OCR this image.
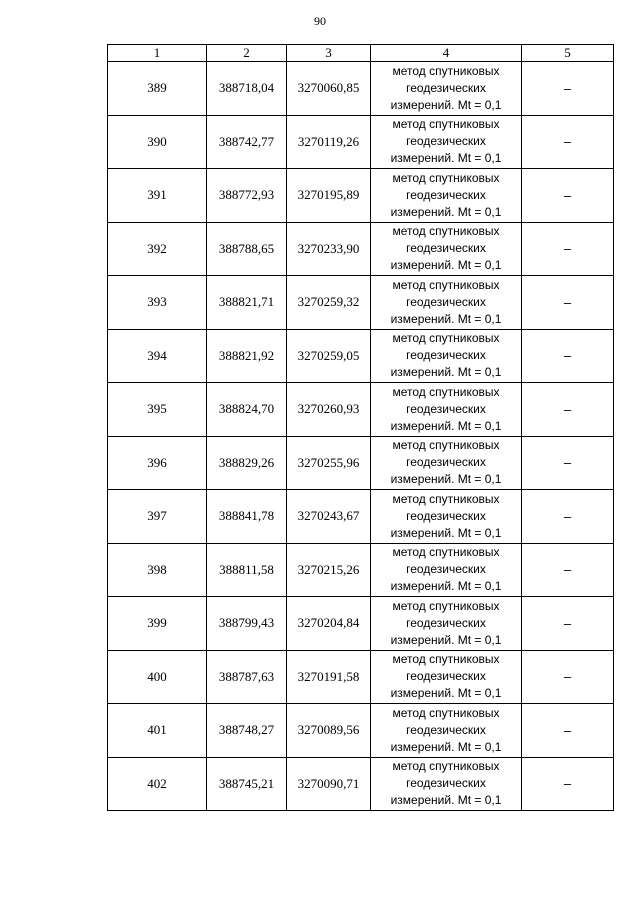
90
1	2	3	4	5
389	388718,04	3270060,85	метод спутниковых
геодезических
измерений. Mt = 0,1	–
390	388742,77	3270119,26	метод спутниковых
геодезических
измерений. Mt = 0,1	–
391	388772,93	3270195,89	метод спутниковых
геодезических
измерений. Mt = 0,1	–
392	388788,65	3270233,90	метод спутниковых
геодезических
измерений. Mt = 0,1	–
393	388821,71	3270259,32	метод спутниковых
геодезических
измерений. Mt = 0,1	–
394	388821,92	3270259,05	метод спутниковых
геодезических
измерений. Mt = 0,1	–
395	388824,70	3270260,93	метод спутниковых
геодезических
измерений. Mt = 0,1	–
396	388829,26	3270255,96	метод спутниковых
геодезических
измерений. Mt = 0,1	–
397	388841,78	3270243,67	метод спутниковых
геодезических
измерений. Mt = 0,1	–
398	388811,58	3270215,26	метод спутниковых
геодезических
измерений. Mt = 0,1	–
399	388799,43	3270204,84	метод спутниковых
геодезических
измерений. Mt = 0,1	–
400	388787,63	3270191,58	метод спутниковых
геодезических
измерений. Mt = 0,1	–
401	388748,27	3270089,56	метод спутниковых
геодезических
измерений. Mt = 0,1	–
402	388745,21	3270090,71	метод спутниковых
геодезических
измерений. Mt = 0,1	–
